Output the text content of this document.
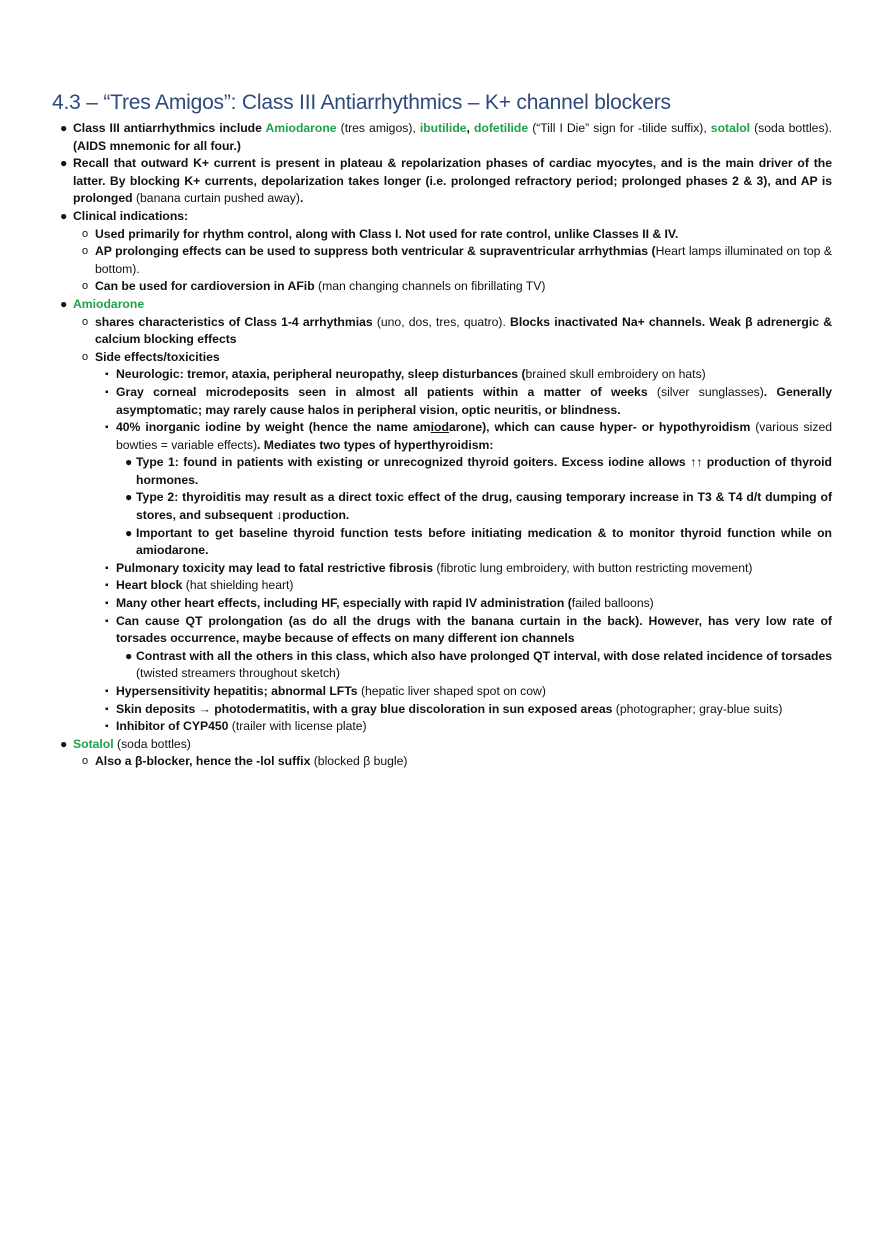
4.3 – “Tres Amigos”: Class III Antiarrhythmics – K+ channel blockers

● Class III antiarrhythmics include Amiodarone (tres amigos), ibutilide, dofetilide (“Till I Die” sign for -tilide suffix), sotalol (soda bottles). (AIDS mnemonic for all four.)

● Recall that outward K+ current is present in plateau & repolarization phases of cardiac myocytes, and is the main driver of the latter. By blocking K+ currents, depolarization takes longer (i.e. prolonged refractory period; prolonged phases 2 & 3), and AP is prolonged (banana curtain pushed away).

● Clinical indications:

o Used primarily for rhythm control, along with Class I. Not used for rate control, unlike Classes II & IV.

o AP prolonging effects can be used to suppress both ventricular & supraventricular arrhythmias (Heart lamps illuminated on top & bottom).

o Can be used for cardioversion in AFib (man changing channels on fibrillating TV)

● Amiodarone

o shares characteristics of Class 1-4 arrhythmias (uno, dos, tres, quatro). Blocks inactivated Na+ channels. Weak β adrenergic & calcium blocking effects

o Side effects/toxicities

▪ Neurologic: tremor, ataxia, peripheral neuropathy, sleep disturbances (brained skull embroidery on hats)

▪ Gray corneal microdeposits seen in almost all patients within a matter of weeks (silver sunglasses). Generally asymptomatic; may rarely cause halos in peripheral vision, optic neuritis, or blindness.

▪ 40% inorganic iodine by weight (hence the name amiodarone), which can cause hyper- or hypothyroidism (various sized bowties = variable effects). Mediates two types of hyperthyroidism:

● Type 1: found in patients with existing or unrecognized thyroid goiters. Excess iodine allows ↑↑ production of thyroid hormones.

● Type 2: thyroiditis may result as a direct toxic effect of the drug, causing temporary increase in T3 & T4 d/t dumping of stores, and subsequent ↓production.

● Important to get baseline thyroid function tests before initiating medication & to monitor thyroid function while on amiodarone.

▪ Pulmonary toxicity may lead to fatal restrictive fibrosis (fibrotic lung embroidery, with button restricting movement)

▪ Heart block (hat shielding heart)

▪ Many other heart effects, including HF, especially with rapid IV administration (failed balloons)

▪ Can cause QT prolongation (as do all the drugs with the banana curtain in the back). However, has very low rate of torsades occurrence, maybe because of effects on many different ion channels

● Contrast with all the others in this class, which also have prolonged QT interval, with dose related incidence of torsades (twisted streamers throughout sketch)

▪ Hypersensitivity hepatitis; abnormal LFTs (hepatic liver shaped spot on cow)

▪ Skin deposits → photodermatitis, with a gray blue discoloration in sun exposed areas (photographer; gray-blue suits)

▪ Inhibitor of CYP450 (trailer with license plate)

● Sotalol (soda bottles)

o Also a β-blocker, hence the -lol suffix (blocked β bugle)
